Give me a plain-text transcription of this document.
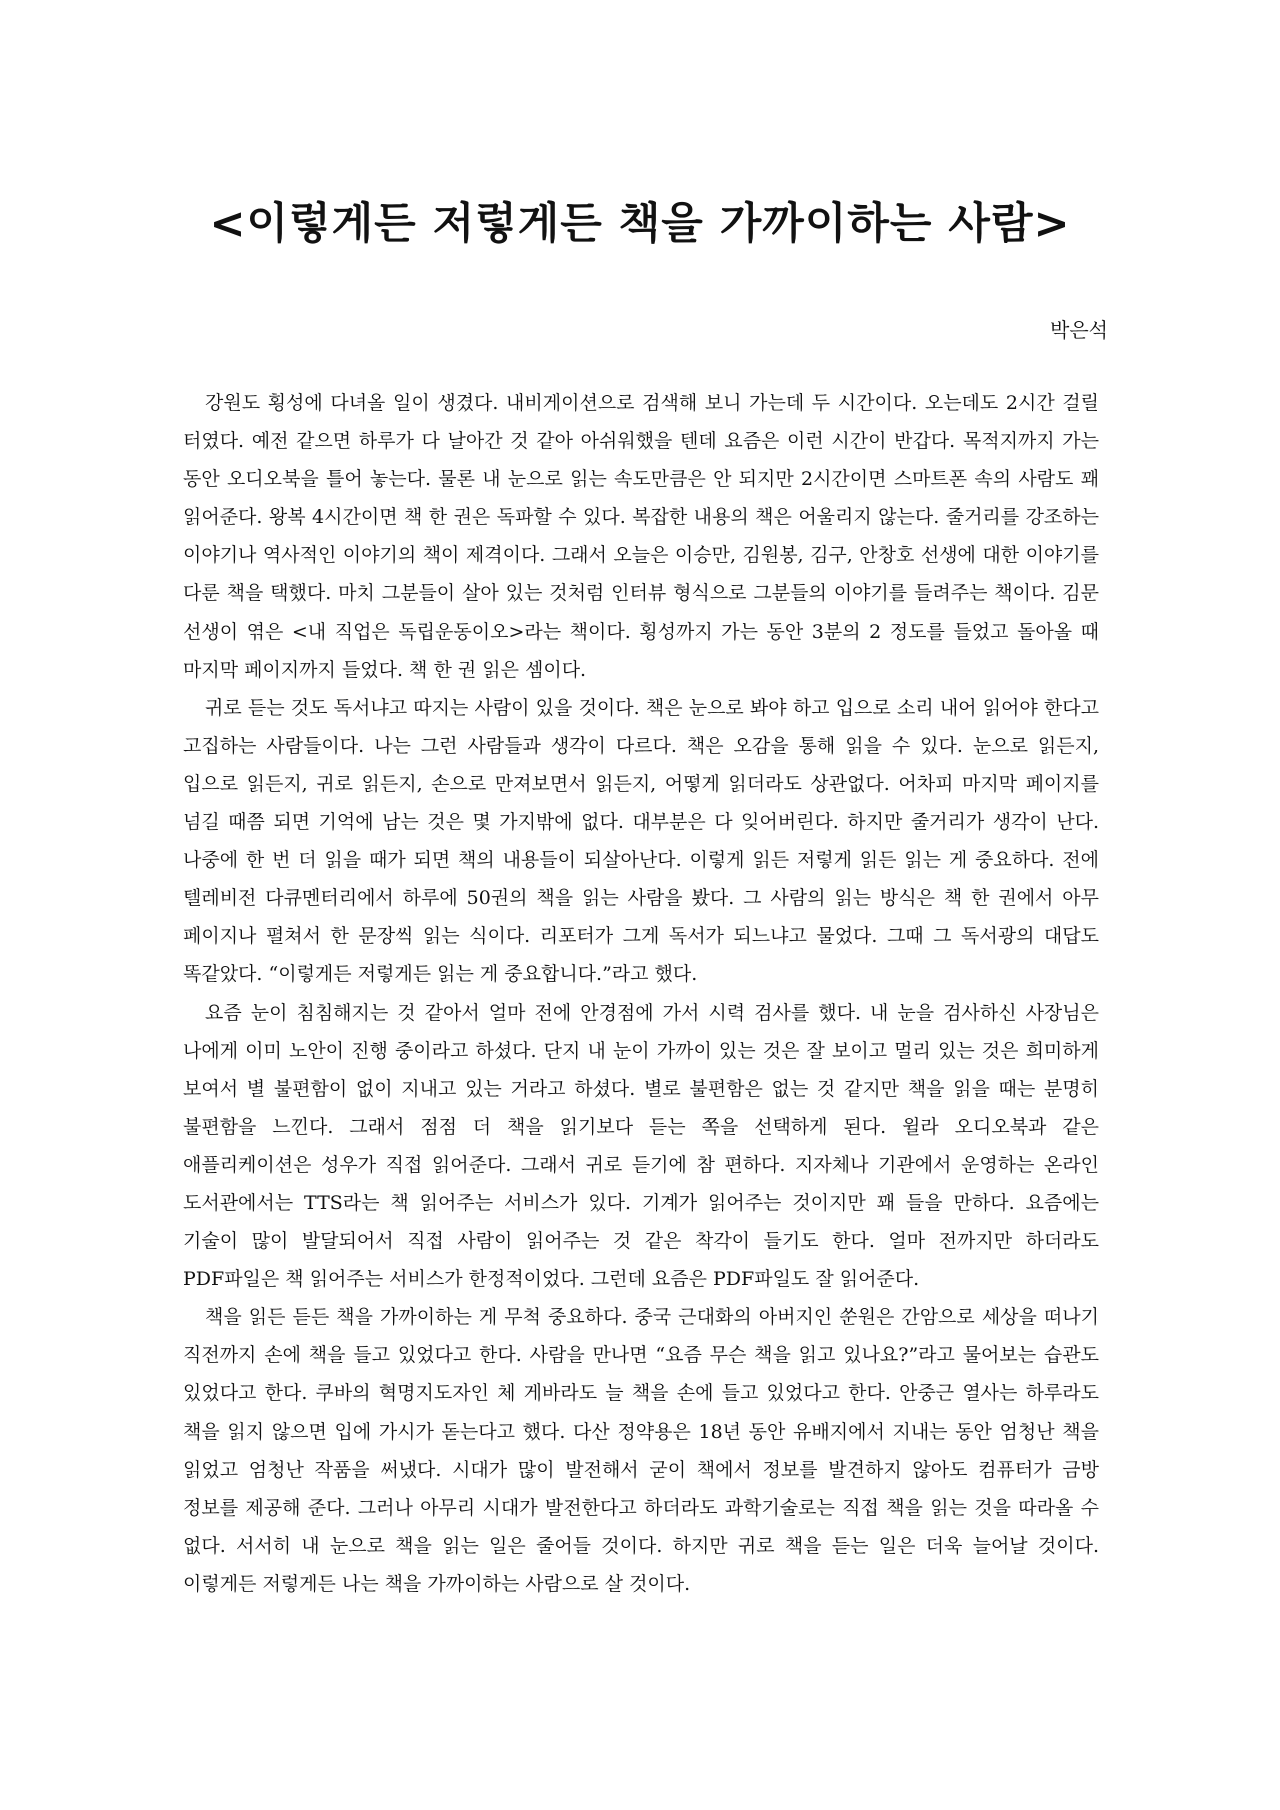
<이렇게든 저렇게든 책을 가까이하는 사람>
박은석

강원도 횡성에 다녀올 일이 생겼다. 내비게이션으로 검색해 보니 가는데 두 시간이다. 오는데도 2시간 걸릴 터였다. 예전 같으면 하루가 다 날아간 것 같아 아쉬워했을 텐데 요즘은 이런 시간이 반갑다. 목적지까지 가는 동안 오디오북을 틀어 놓는다. 물론 내 눈으로 읽는 속도만큼은 안 되지만 2시간이면 스마트폰 속의 사람도 꽤 읽어준다. 왕복 4시간이면 책 한 권은 독파할 수 있다. 복잡한 내용의 책은 어울리지 않는다. 줄거리를 강조하는 이야기나 역사적인 이야기의 책이 제격이다. 그래서 오늘은 이승만, 김원봉, 김구, 안창호 선생에 대한 이야기를 다룬 책을 택했다. 마치 그분들이 살아 있는 것처럼 인터뷰 형식으로 그분들의 이야기를 들려주는 책이다. 김문 선생이 엮은 <내 직업은 독립운동이오>라는 책이다. 횡성까지 가는 동안 3분의 2 정도를 들었고 돌아올 때 마지막 페이지까지 들었다. 책 한 권 읽은 셈이다.

귀로 듣는 것도 독서냐고 따지는 사람이 있을 것이다. 책은 눈으로 봐야 하고 입으로 소리 내어 읽어야 한다고 고집하는 사람들이다. 나는 그런 사람들과 생각이 다르다. 책은 오감을 통해 읽을 수 있다. 눈으로 읽든지, 입으로 읽든지, 귀로 읽든지, 손으로 만져보면서 읽든지, 어떻게 읽더라도 상관없다. 어차피 마지막 페이지를 넘길 때쯤 되면 기억에 남는 것은 몇 가지밖에 없다. 대부분은 다 잊어버린다. 하지만 줄거리가 생각이 난다. 나중에 한 번 더 읽을 때가 되면 책의 내용들이 되살아난다. 이렇게 읽든 저렇게 읽든 읽는 게 중요하다. 전에 텔레비전 다큐멘터리에서 하루에 50권의 책을 읽는 사람을 봤다. 그 사람의 읽는 방식은 책 한 권에서 아무 페이지나 펼쳐서 한 문장씩 읽는 식이다. 리포터가 그게 독서가 되느냐고 물었다. 그때 그 독서광의 대답도 똑같았다. “이렇게든 저렇게든 읽는 게 중요합니다.”라고 했다.

요즘 눈이 침침해지는 것 같아서 얼마 전에 안경점에 가서 시력 검사를 했다. 내 눈을 검사하신 사장님은 나에게 이미 노안이 진행 중이라고 하셨다. 단지 내 눈이 가까이 있는 것은 잘 보이고 멀리 있는 것은 희미하게 보여서 별 불편함이 없이 지내고 있는 거라고 하셨다. 별로 불편함은 없는 것 같지만 책을 읽을 때는 분명히 불편함을 느낀다. 그래서 점점 더 책을 읽기보다 듣는 쪽을 선택하게 된다. 윌라 오디오북과 같은 애플리케이션은 성우가 직접 읽어준다. 그래서 귀로 듣기에 참 편하다. 지자체나 기관에서 운영하는 온라인 도서관에서는 TTS라는 책 읽어주는 서비스가 있다. 기계가 읽어주는 것이지만 꽤 들을 만하다. 요즘에는 기술이 많이 발달되어서 직접 사람이 읽어주는 것 같은 착각이 들기도 한다. 얼마 전까지만 하더라도 PDF파일은 책 읽어주는 서비스가 한정적이었다. 그런데 요즘은 PDF파일도 잘 읽어준다.

책을 읽든 듣든 책을 가까이하는 게 무척 중요하다. 중국 근대화의 아버지인 쑨원은 간암으로 세상을 떠나기 직전까지 손에 책을 들고 있었다고 한다. 사람을 만나면 “요즘 무슨 책을 읽고 있나요?”라고 물어보는 습관도 있었다고 한다. 쿠바의 혁명지도자인 체 게바라도 늘 책을 손에 들고 있었다고 한다. 안중근 열사는 하루라도 책을 읽지 않으면 입에 가시가 돋는다고 했다. 다산 정약용은 18년 동안 유배지에서 지내는 동안 엄청난 책을 읽었고 엄청난 작품을 써냈다. 시대가 많이 발전해서 굳이 책에서 정보를 발견하지 않아도 컴퓨터가 금방 정보를 제공해 준다. 그러나 아무리 시대가 발전한다고 하더라도 과학기술로는 직접 책을 읽는 것을 따라올 수 없다. 서서히 내 눈으로 책을 읽는 일은 줄어들 것이다. 하지만 귀로 책을 듣는 일은 더욱 늘어날 것이다. 이렇게든 저렇게든 나는 책을 가까이하는 사람으로 살 것이다.
